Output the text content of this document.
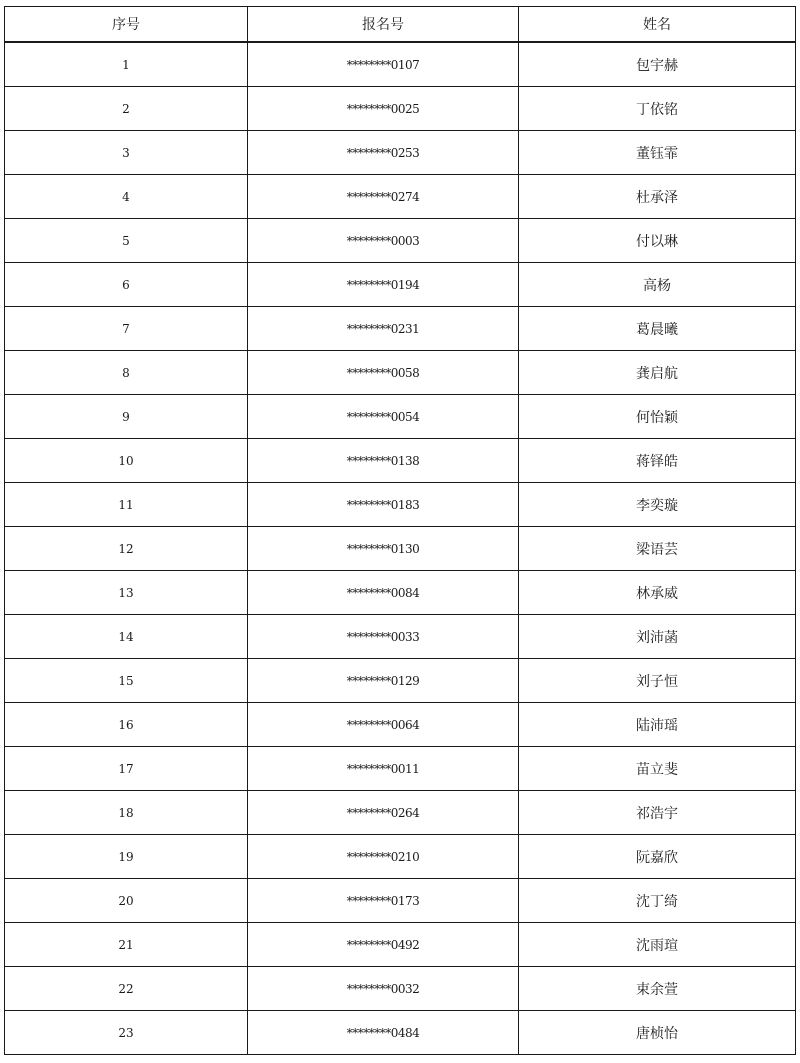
序号	报名号	姓名
1	********0107	包宇赫
2	********0025	丁依铭
3	********0253	董钰霏
4	********0274	杜承泽
5	********0003	付以琳
6	********0194	高杨
7	********0231	葛晨曦
8	********0058	龚启航
9	********0054	何怡颖
10	********0138	蒋铎皓
11	********0183	李奕璇
12	********0130	梁语芸
13	********0084	林承威
14	********0033	刘沛菡
15	********0129	刘子恒
16	********0064	陆沛瑶
17	********0011	苗立斐
18	********0264	祁浩宇
19	********0210	阮嘉欣
20	********0173	沈丁绮
21	********0492	沈雨瑄
22	********0032	束余萱
23	********0484	唐桢怡
